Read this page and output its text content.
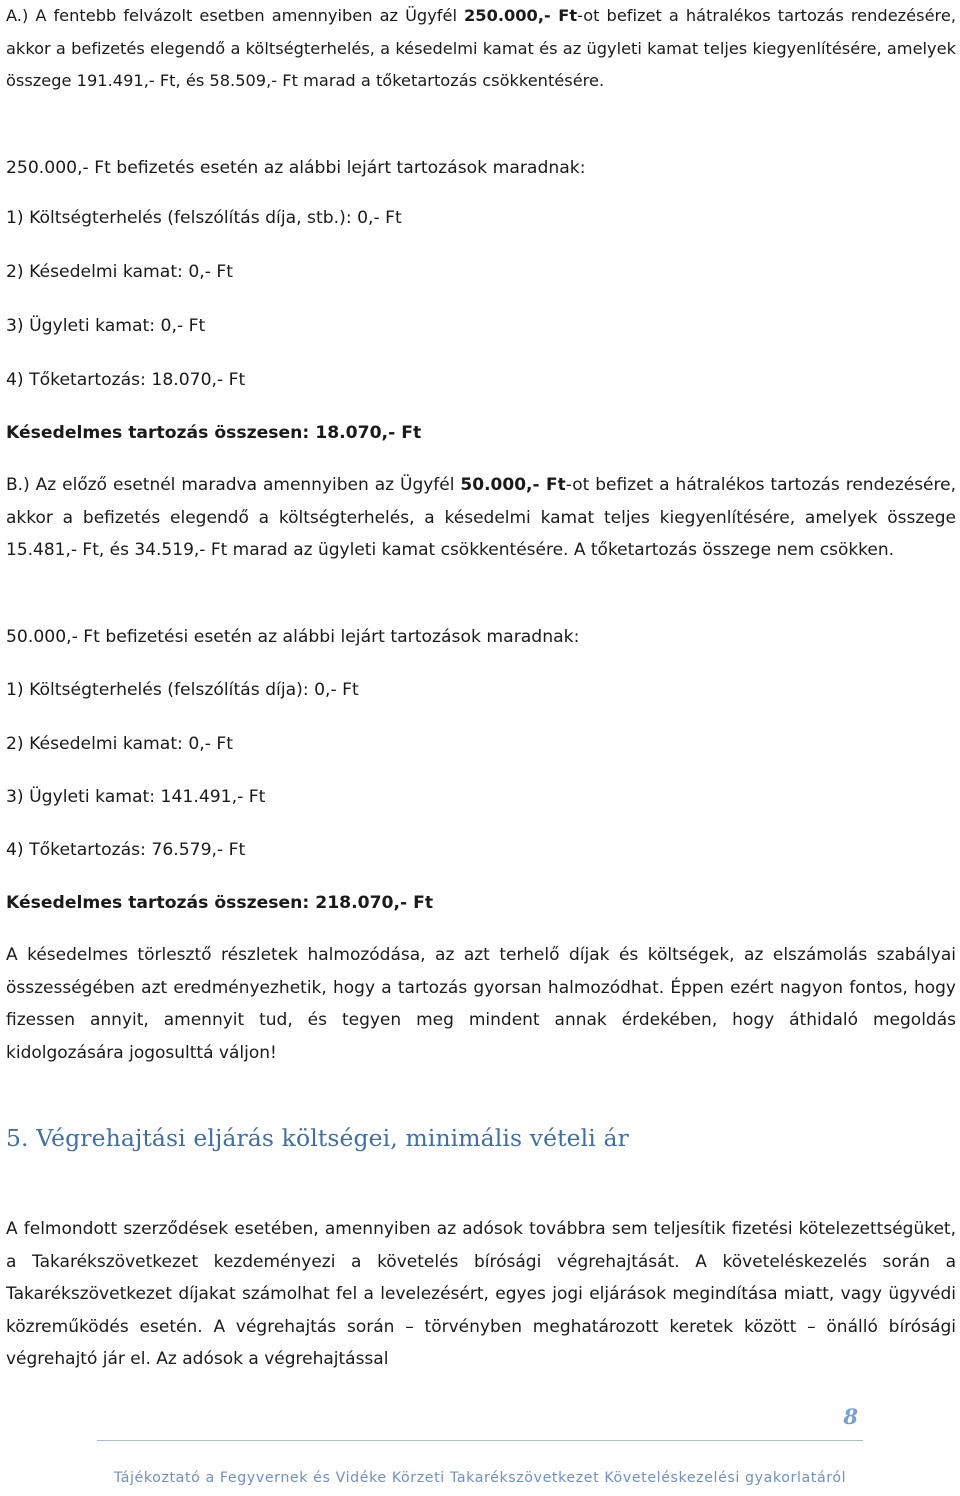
A.) A fentebb felvázolt esetben amennyiben az Ügyfél 250.000,- Ft-ot befizet a hátralékos tartozás rendezésére, akkor a befizetés elegendő a költségterhelés, a késedelmi kamat és az ügyleti kamat teljes kiegyenlítésére, amelyek összege 191.491,- Ft, és 58.509,- Ft marad a tőketartozás csökkentésére.

250.000,- Ft befizetés esetén az alábbi lejárt tartozások maradnak:
1) Költségterhelés (felszólítás díja, stb.): 0,- Ft
2) Késedelmi kamat: 0,- Ft
3) Ügyleti kamat: 0,- Ft
4) Tőketartozás: 18.070,- Ft
Késedelmes tartozás összesen: 18.070,- Ft

B.) Az előző esetnél maradva amennyiben az Ügyfél 50.000,- Ft-ot befizet a hátralékos tartozás rendezésére, akkor a befizetés elegendő a költségterhelés, a késedelmi kamat teljes kiegyenlítésére, amelyek összege 15.481,- Ft, és 34.519,- Ft marad az ügyleti kamat csökkentésére. A tőketartozás összege nem csökken.

50.000,- Ft befizetési esetén az alábbi lejárt tartozások maradnak:
1) Költségterhelés (felszólítás díja): 0,- Ft
2) Késedelmi kamat: 0,- Ft
3) Ügyleti kamat: 141.491,- Ft
4) Tőketartozás: 76.579,- Ft
Késedelmes tartozás összesen: 218.070,- Ft

A késedelmes törlesztő részletek halmozódása, az azt terhelő díjak és költségek, az elszámolás szabályai összességében azt eredményezhetik, hogy a tartozás gyorsan halmozódhat. Éppen ezért nagyon fontos, hogy fizessen annyit, amennyit tud, és tegyen meg mindent annak érdekében, hogy áthidaló megoldás kidolgozására jogosulttá váljon!

5. Végrehajtási eljárás költségei, minimális vételi ár

A felmondott szerződések esetében, amennyiben az adósok továbbra sem teljesítik fizetési kötelezettségüket, a Takarékszövetkezet kezdeményezi a követelés bírósági végrehajtását. A követeléskezelés során a Takarékszövetkezet díjakat számolhat fel a levelezésért, egyes jogi eljárások megindítása miatt, vagy ügyvédi közreműködés esetén. A végrehajtás során – törvényben meghatározott keretek között – önálló bírósági végrehajtó jár el. Az adósok a végrehajtással

8
Tájékoztató a Fegyvernek és Vidéke Körzeti Takarékszövetkezet Követeléskezelési gyakorlatáról
